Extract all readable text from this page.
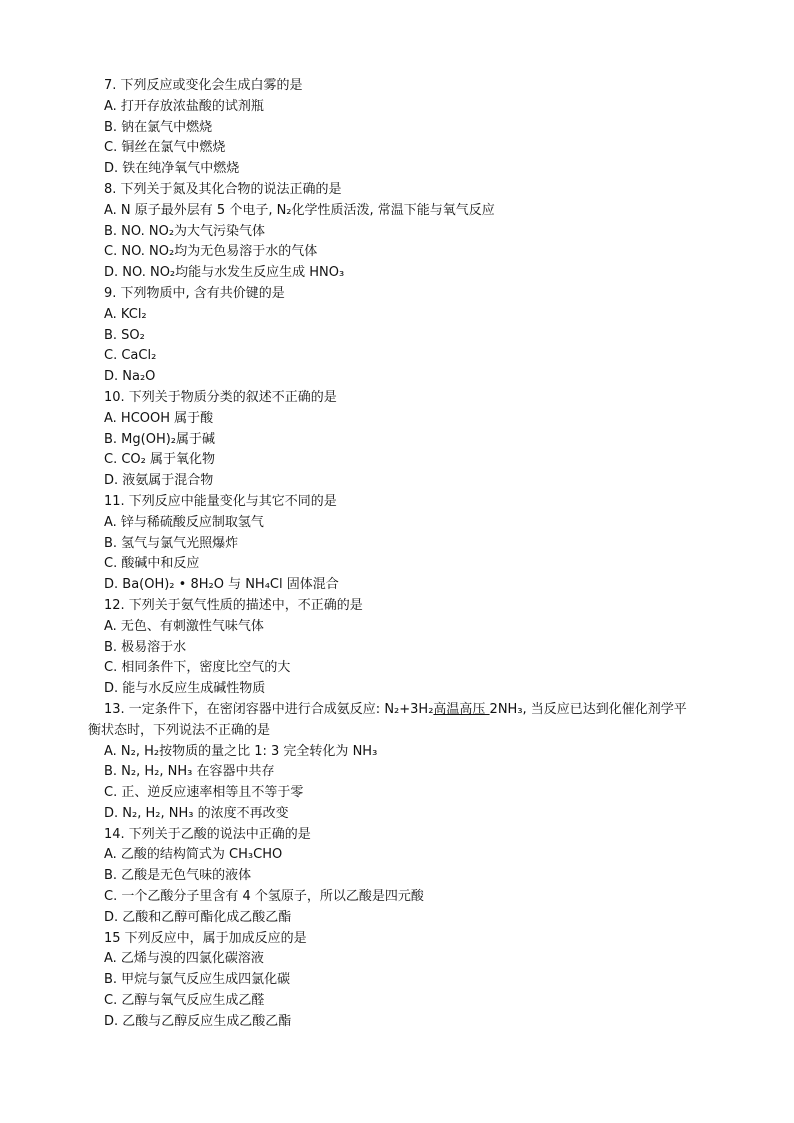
7. 下列反应或变化会生成白雾的是
A. 打开存放浓盐酸的试剂瓶
B. 钠在氯气中燃烧
C. 铜丝在氯气中燃烧
D. 铁在纯净氧气中燃烧
8. 下列关于氮及其化合物的说法正确的是
A. N 原子最外层有 5 个电子, N₂化学性质活泼, 常温下能与氧气反应
B. NO. NO₂为大气污染气体
C. NO. NO₂均为无色易溶于水的气体
D. NO. NO₂均能与水发生反应生成 HNO₃
9. 下列物质中, 含有共价键的是
A. KCl₂
B. SO₂
C. CaCl₂
D. Na₂O
10. 下列关于物质分类的叙述不正确的是
A. HCOOH 属于酸
B. Mg(OH)₂属于碱
C. CO₂ 属于氧化物
D. 液氨属于混合物
11. 下列反应中能量变化与其它不同的是
A. 锌与稀硫酸反应制取氢气
B. 氢气与氯气光照爆炸
C. 酸碱中和反应
D. Ba(OH)₂ • 8H₂O 与 NH₄Cl 固体混合
12. 下列关于氨气性质的描述中，不正确的是
A. 无色、有刺激性气味气体
B. 极易溶于水
C. 相同条件下，密度比空气的大
D. 能与水反应生成碱性物质
13. 一定条件下，在密闭容器中进行合成氨反应: N₂+3H₂高温高压 2NH₃, 当反应已达到化催化剂学平
衡状态时，下列说法不正确的是
A. N₂, H₂按物质的量之比 1: 3 完全转化为 NH₃
B. N₂, H₂, NH₃ 在容器中共存
C. 正、逆反应速率相等且不等于零
D. N₂, H₂, NH₃ 的浓度不再改变
14. 下列关于乙酸的说法中正确的是
A. 乙酸的结构简式为 CH₃CHO
B. 乙酸是无色气味的液体
C. 一个乙酸分子里含有 4 个氢原子，所以乙酸是四元酸
D. 乙酸和乙醇可酯化成乙酸乙酯
15 下列反应中，属于加成反应的是
A. 乙烯与溴的四氯化碳溶液
B. 甲烷与氯气反应生成四氯化碳
C. 乙醇与氧气反应生成乙醛
D. 乙酸与乙醇反应生成乙酸乙酯
